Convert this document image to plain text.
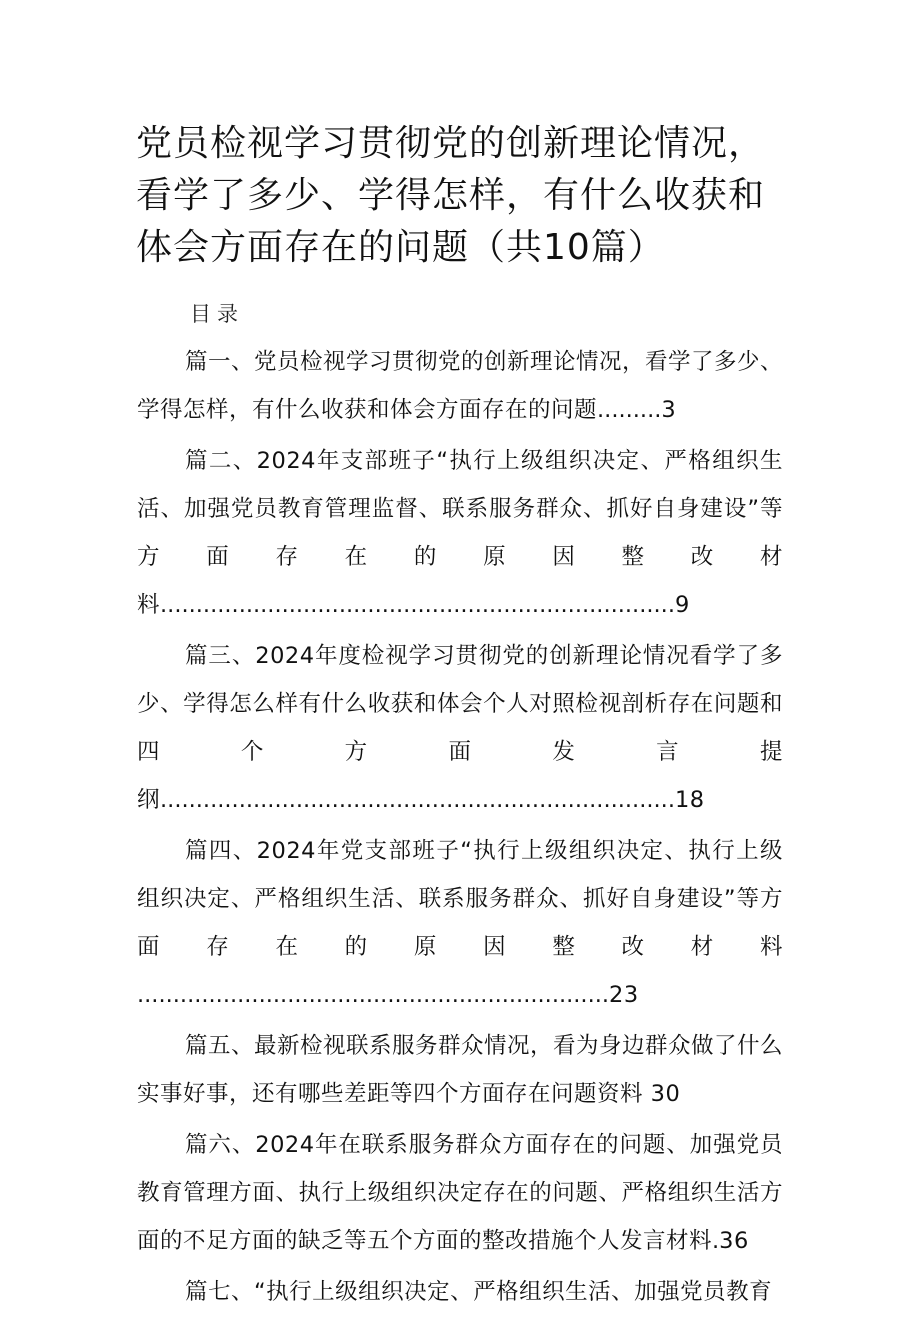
党员检视学习贯彻党的创新理论情况，看学了多少、学得怎样，有什么收获和体会方面存在的问题（共10篇）
目录

篇一、党员检视学习贯彻党的创新理论情况，看学了多少、学得怎样，有什么收获和体会方面存在的问题.........3

篇二、2024年支部班子“执行上级组织决定、严格组织生活、加强党员教育管理监督、联系服务群众、抓好自身建设”等方面存在的原因整改材料........................................................................9

篇三、2024年度检视学习贯彻党的创新理论情况看学了多少、学得怎么样有什么收获和体会个人对照检视剖析存在问题和四个方面发言提纲........................................................................18

篇四、2024年党支部班子“执行上级组织决定、执行上级组织决定、严格组织生活、联系服务群众、抓好自身建设”等方面存在的原因整改材料 ..................................................................23

篇五、最新检视联系服务群众情况，看为身边群众做了什么实事好事，还有哪些差距等四个方面存在问题资料 30

篇六、2024年在联系服务群众方面存在的问题、加强党员教育管理方面、执行上级组织决定存在的问题、严格组织生活方面的不足方面的缺乏等五个方面的整改措施个人发言材料.36

篇七、“执行上级组织决定、严格组织生活、加强党员教育
